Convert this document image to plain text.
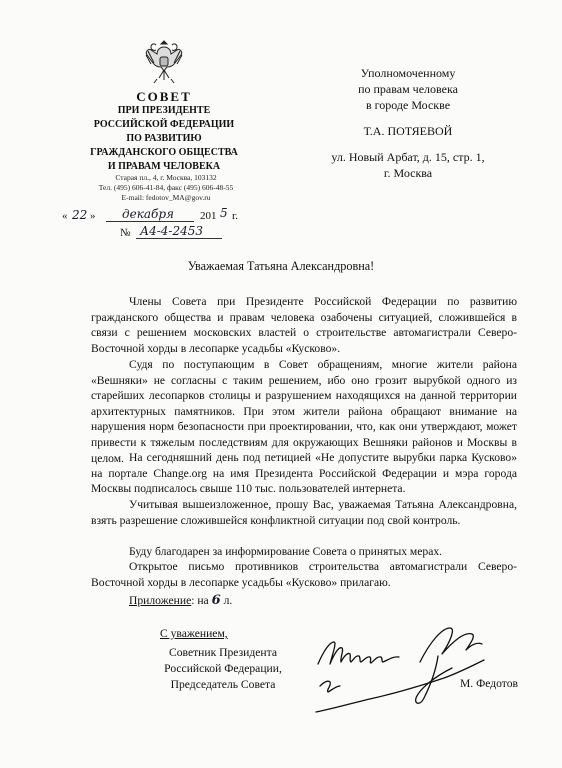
СОВЕТ
ПРИ ПРЕЗИДЕНТЕ
РОССИЙСКОЙ ФЕДЕРАЦИИ
ПО РАЗВИТИЮ
ГРАЖДАНСКОГО ОБЩЕСТВА
И ПРАВАМ ЧЕЛОВЕКА
Старая пл., 4, г. Москва, 103132
Тел. (495) 606-41-84, факс (495) 606-48-55
E-mail: fedotov_MA@gov.ru
« 22 » декабря 201 5 г.
№ А4-4-2453
Уполномоченному
по правам человека
в городе Москве
Т.А. ПОТЯЕВОЙ
ул. Новый Арбат, д. 15, стр. 1,
г. Москва
Уважаемая Татьяна Александровна!

Члены Совета при Президенте Российской Федерации по развитию гражданского общества и правам человека озабочены ситуацией, сложившейся в связи с решением московских властей о строительстве автомагистрали Северо-Восточной хорды в лесопарке усадьбы «Кусково».

Судя по поступающим в Совет обращениям, многие жители района «Вешняки» не согласны с таким решением, ибо оно грозит вырубкой одного из старейших лесопарков столицы и разрушением находящихся на данной территории архитектурных памятников. При этом жители района обращают внимание на нарушения норм безопасности при проектировании, что, как они утверждают, может привести к тяжелым последствиям для окружающих Вешняки районов и Москвы в целом. На сегодняшний день под петицией «Не допустите вырубки парка Кусково» на портале Change.org на имя Президента Российской Федерации и мэра города Москвы подписалось свыше 110 тыс. пользователей интернета.

Учитывая вышеизложенное, прошу Вас, уважаемая Татьяна Александровна, взять разрешение сложившейся конфликтной ситуации под свой контроль.

Буду благодарен за информирование Совета о принятых мерах.

Открытое письмо противников строительства автомагистрали Северо-Восточной хорды в лесопарке усадьбы «Кусково» прилагаю.

Приложение: на 6 л.
С уважением,
Советник Президента
Российской Федерации,
Председатель Совета	М. Федотов
